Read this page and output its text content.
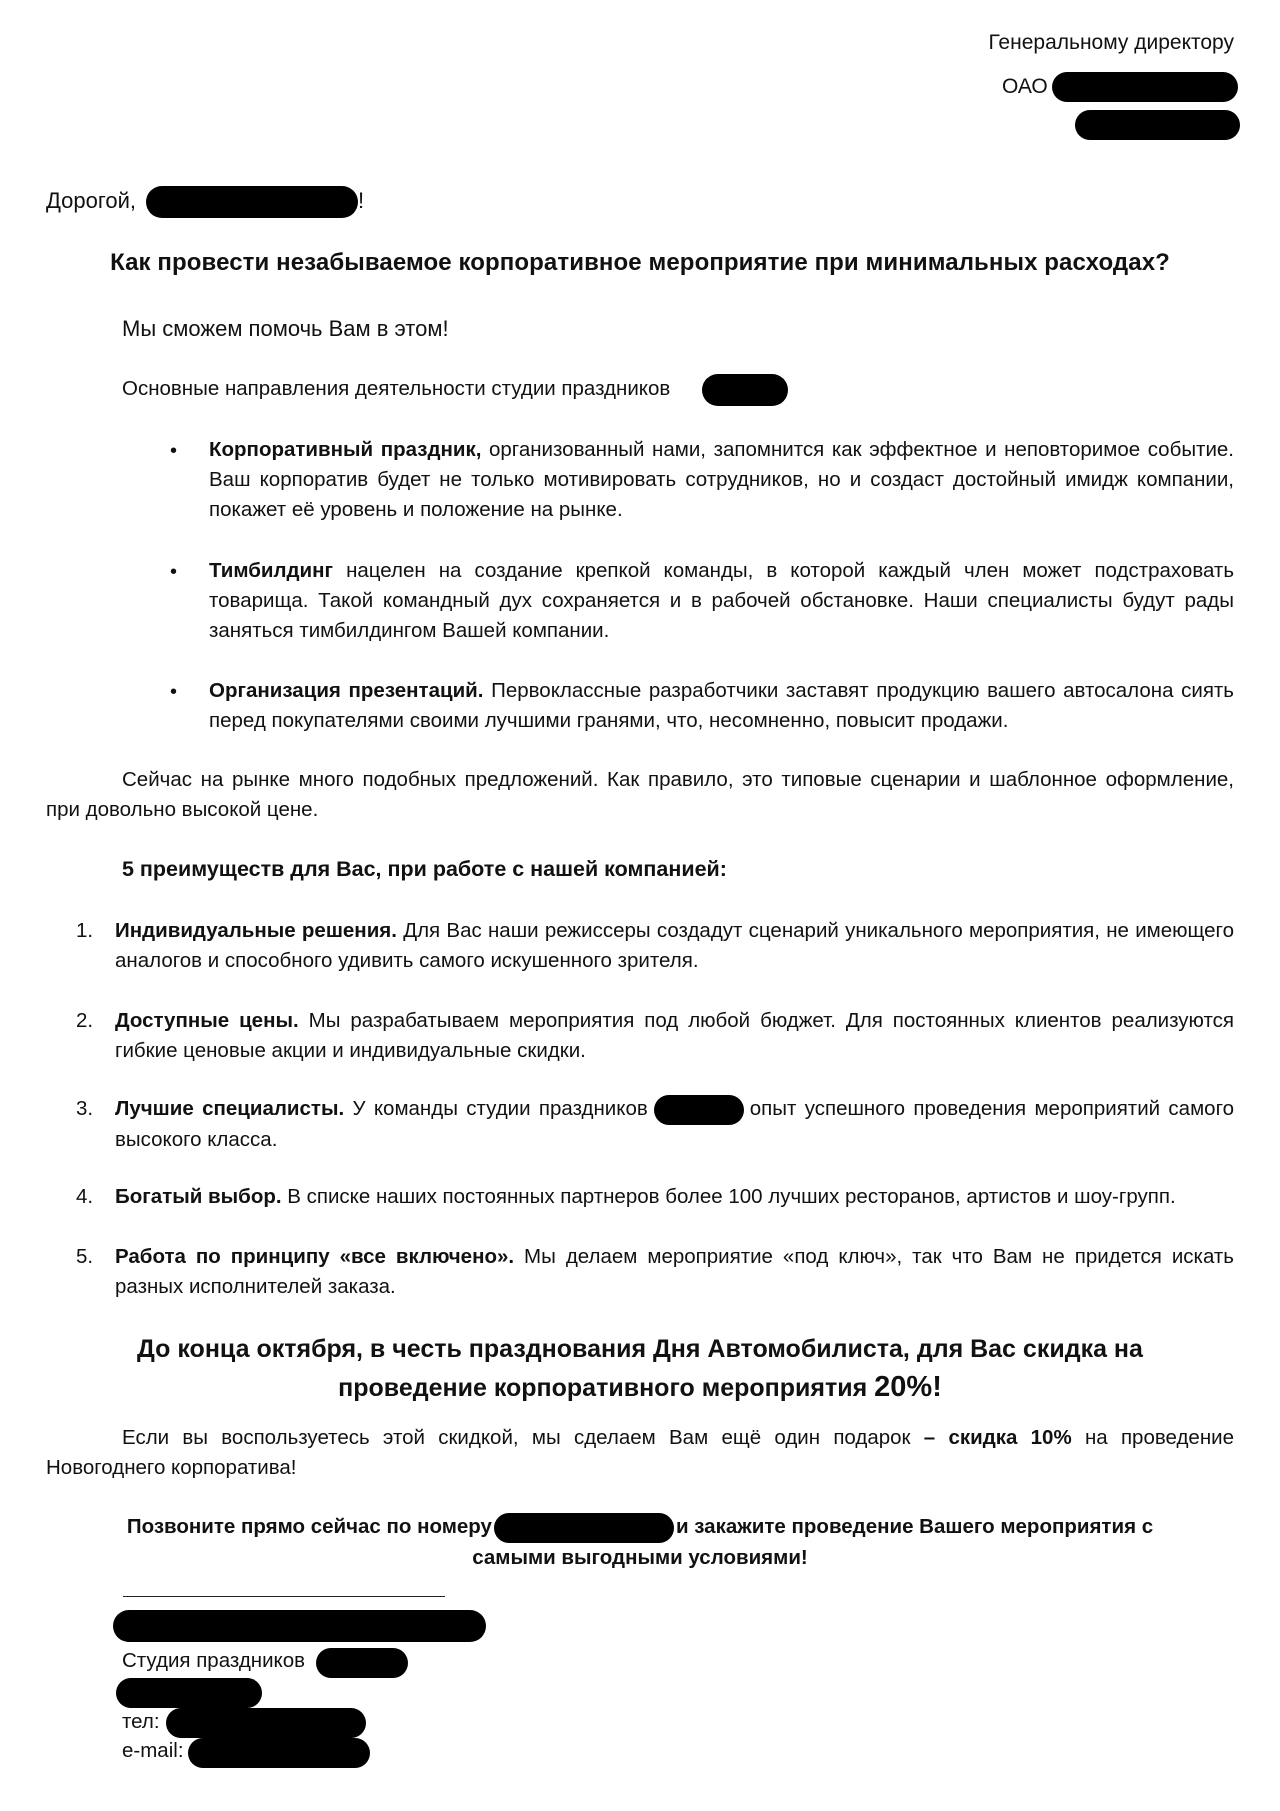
Генеральному директору
ОАО
Дорогой,	!
Как провести незабываемое корпоративное мероприятие при минимальных расходах?
Мы сможем помочь Вам в этом!
Основные направления деятельности студии праздников
• Корпоративный праздник, организованный нами, запомнится как эффектное и неповторимое событие. Ваш корпоратив будет не только мотивировать сотрудников, но и создаст достойный имидж компании, покажет её уровень и положение на рынке.
• Тимбилдинг нацелен на создание крепкой команды, в которой каждый член может подстраховать товарища. Такой командный дух сохраняется и в рабочей обстановке. Наши специалисты будут рады заняться тимбилдингом Вашей компании.
• Организация презентаций. Первоклассные разработчики заставят продукцию вашего автосалона сиять перед покупателями своими лучшими гранями, что, несомненно, повысит продажи.
Сейчас на рынке много подобных предложений. Как правило, это типовые сценарии и шаблонное оформление, при довольно высокой цене.
5 преимуществ для Вас, при работе с нашей компанией:
1. Индивидуальные решения. Для Вас наши режиссеры создадут сценарий уникального мероприятия, не имеющего аналогов и способного удивить самого искушенного зрителя.
2. Доступные цены. Мы разрабатываем мероприятия под любой бюджет. Для постоянных клиентов реализуются гибкие ценовые акции и индивидуальные скидки.
3. Лучшие специалисты. У команды студии праздников	опыт успешного проведения мероприятий самого высокого класса.
4. Богатый выбор. В списке наших постоянных партнеров более 100 лучших ресторанов, артистов и шоу-групп.
5. Работа по принципу «все включено». Мы делаем мероприятие «под ключ», так что Вам не придется искать разных исполнителей заказа.
До конца октября, в честь празднования Дня Автомобилиста, для Вас скидка на
проведение корпоративного мероприятия 20%!
Если вы воспользуетесь этой скидкой, мы сделаем Вам ещё один подарок – скидка 10% на проведение Новогоднего корпоратива!
Позвоните прямо сейчас по номеру	и закажите проведение Вашего мероприятия с
самыми выгодными условиями!
Студия праздников
тел:
e-mail:
